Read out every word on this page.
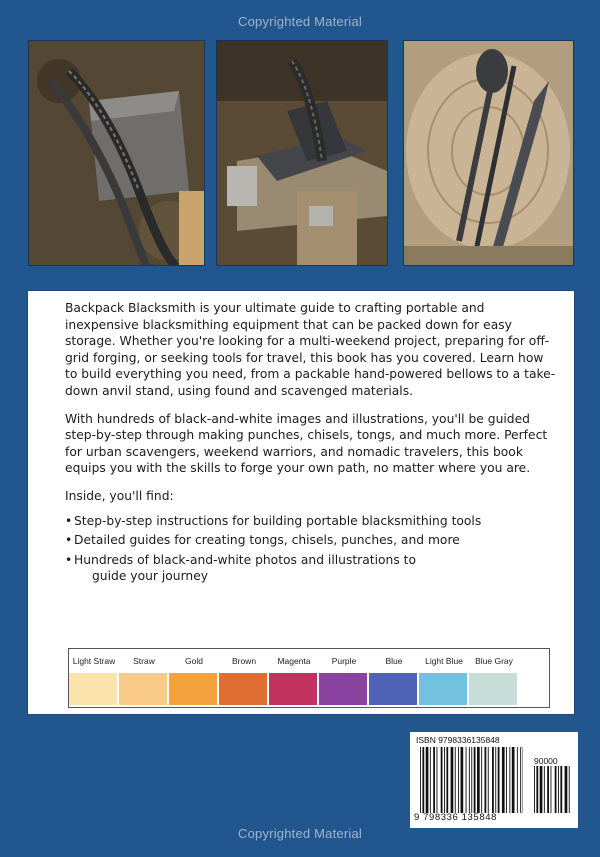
Copyrighted Material

Backpack Blacksmith is your ultimate guide to crafting portable and inexpensive blacksmithing equipment that can be packed down for easy storage. Whether you're looking for a multi-weekend project, preparing for off-grid forging, or seeking tools for travel, this book has you covered. Learn how to build everything you need, from a packable hand-powered bellows to a take-down anvil stand, using found and scavenged materials.

With hundreds of black-and-white images and illustrations, you'll be guided step-by-step through making punches, chisels, tongs, and much more. Perfect for urban scavengers, weekend warriors, and nomadic travelers, this book equips you with the skills to forge your own path, no matter where you are.

Inside, you'll find:

• Step-by-step instructions for building portable blacksmithing tools
• Detailed guides for creating tongs, chisels, punches, and more
• Hundreds of black-and-white photos and illustrations to
guide your journey
Light Straw	Straw	Gold	Brown	Magenta	Purple	Blue	Light Blue	Blue Gray
ISBN 9798336135848
90000
9 798336 135848
Copyrighted Material
